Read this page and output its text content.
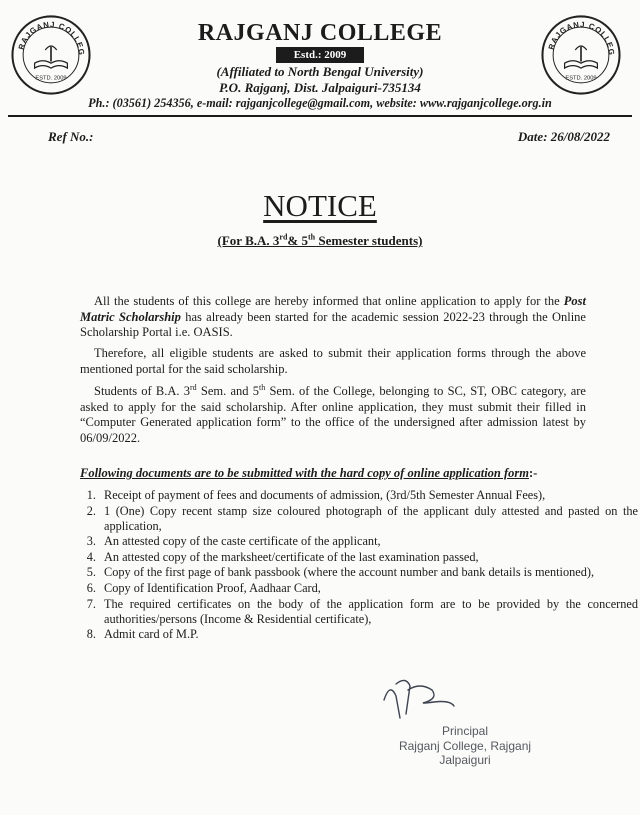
RAJGANJ COLLEG
ESTD. 2009
RAJGANJ COLLEG
ESTD. 2009
RAJGANJ COLLEGE
Estd.: 2009
(Affiliated to North Bengal University)
P.O. Rajganj, Dist. Jalpaiguri-735134
Ph.: (03561) 254356, e-mail: rajganjcollege@gmail.com, website: www.rajganjcollege.org.in
Ref No.:	Date: 26/08/2022
NOTICE
(For B.A. 3rd& 5th Semester students)

All the students of this college are hereby informed that online application to apply for the Post Matric Scholarship has already been started for the academic session 2022-23 through the Online Scholarship Portal i.e. OASIS.

Therefore, all eligible students are asked to submit their application forms through the above mentioned portal for the said scholarship.

Students of B.A. 3rd Sem. and 5th Sem. of the College, belonging to SC, ST, OBC category, are asked to apply for the said scholarship. After online application, they must submit their filled in “Computer Generated application form” to the office of the undersigned after admission latest by 06/09/2022.

Following documents are to be submitted with the hard copy of online application form:-
1. Receipt of payment of fees and documents of admission, (3rd/5th Semester Annual Fees),
2. 1 (One) Copy recent stamp size coloured photograph of the applicant duly attested and pasted on the application,
3. An attested copy of the caste certificate of the applicant,
4. An attested copy of the marksheet/certificate of the last examination passed,
5. Copy of the first page of bank passbook (where the account number and bank details is mentioned),
6. Copy of Identification Proof, Aadhaar Card,
7. The required certificates on the body of the application form are to be provided by the concerned authorities/persons (Income & Residential certificate),
8. Admit card of M.P.
Principal
Rajganj College, Rajganj
Jalpaiguri
